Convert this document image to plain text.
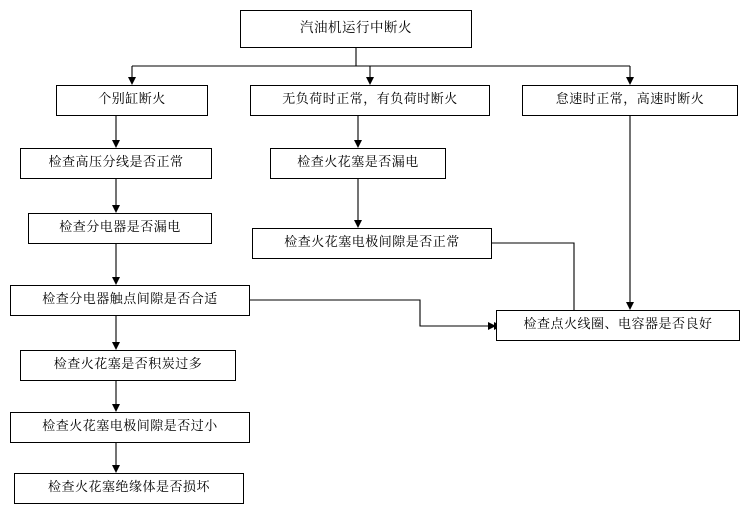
汽油机运行中断火
个别缸断火	无负荷时正常，有负荷时断火	怠速时正常，高速时断火
检查高压分线是否正常	检查火花塞是否漏电
检查分电器是否漏电
检查火花塞电极间隙是否正常
检查分电器触点间隙是否合适
检查点火线圈、电容器是否良好
检查火花塞是否积炭过多
检查火花塞电极间隙是否过小
检查火花塞绝缘体是否损坏
